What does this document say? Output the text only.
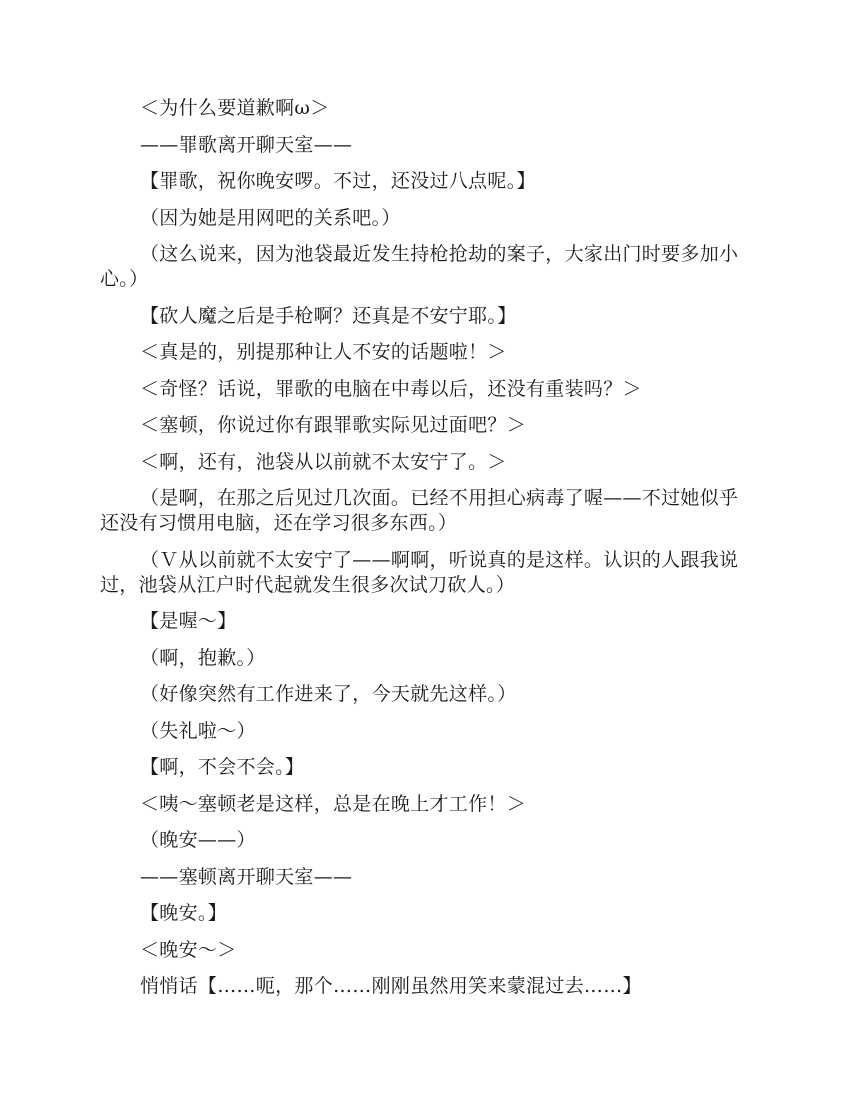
＜为什么要道歉啊ω＞

——罪歌离开聊天室——

【罪歌，祝你晚安啰。不过，还没过八点呢。】

（因为她是用网吧的关系吧。）

（这么说来，因为池袋最近发生持枪抢劫的案子，大家出门时要多加小心。）

【砍人魔之后是手枪啊？还真是不安宁耶。】

＜真是的，别提那种让人不安的话题啦！＞

＜奇怪？话说，罪歌的电脑在中毒以后，还没有重装吗？＞

＜塞顿，你说过你有跟罪歌实际见过面吧？＞

＜啊，还有，池袋从以前就不太安宁了。＞

（是啊，在那之后见过几次面。已经不用担心病毒了喔——不过她似乎还没有习惯用电脑，还在学习很多东西。）

（Ｖ从以前就不太安宁了——啊啊，听说真的是这样。认识的人跟我说过，池袋从江户时代起就发生很多次试刀砍人。）

【是喔～】

（啊，抱歉。）

（好像突然有工作进来了，今天就先这样。）

（失礼啦～）

【啊，不会不会。】

＜咦～塞顿老是这样，总是在晚上才工作！＞

（晚安——）

——塞顿离开聊天室——

【晚安。】

＜晚安～＞

悄悄话【……呃，那个……刚刚虽然用笑来蒙混过去……】
